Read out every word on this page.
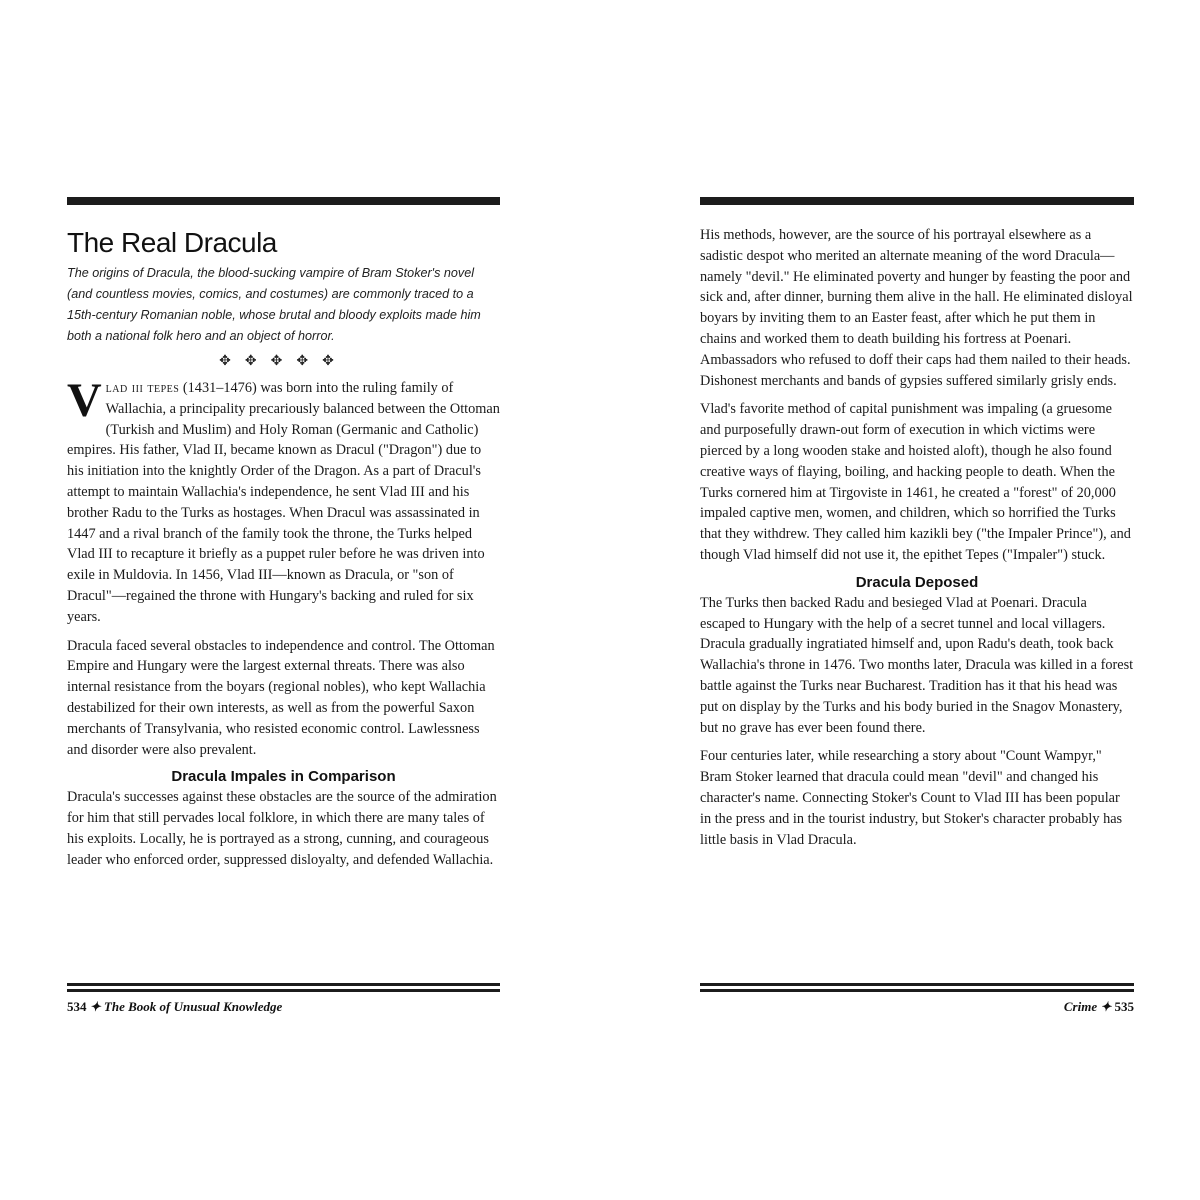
The Real Dracula

The origins of Dracula, the blood-sucking vampire of Bram Stoker's novel (and countless movies, comics, and costumes) are commonly traced to a 15th-century Romanian noble, whose brutal and bloody exploits made him both a national folk hero and an object of horror.

✥✥✥✥✥

Vlad iii tepes (1431–1476) was born into the ruling family of Wallachia, a principality precariously balanced between the Ottoman (Turkish and Muslim) and Holy Roman (Germanic and Catholic) empires. His father, Vlad II, became known as Dracul ("Dragon") due to his initiation into the knightly Order of the Dragon. As a part of Dracul's attempt to maintain Wallachia's independence, he sent Vlad III and his brother Radu to the Turks as hostages. When Dracul was assassinated in 1447 and a rival branch of the family took the throne, the Turks helped Vlad III to recapture it briefly as a puppet ruler before he was driven into exile in Muldovia. In 1456, Vlad III—known as Dracula, or "son of Dracul"—regained the throne with Hungary's backing and ruled for six years.

Dracula faced several obstacles to independence and control. The Ottoman Empire and Hungary were the largest external threats. There was also internal resistance from the boyars (regional nobles), who kept Wallachia destabilized for their own interests, as well as from the powerful Saxon merchants of Transylvania, who resisted economic control. Lawlessness and disorder were also prevalent.

Dracula Impales in Comparison

Dracula's successes against these obstacles are the source of the admiration for him that still pervades local folklore, in which there are many tales of his exploits. Locally, he is portrayed as a strong, cunning, and courageous leader who enforced order, suppressed disloyalty, and defended Wallachia.

534 ✦ The Book of Unusual Knowledge

His methods, however, are the source of his portrayal elsewhere as a sadistic despot who merited an alternate meaning of the word Dracula—namely "devil." He eliminated poverty and hunger by feasting the poor and sick and, after dinner, burning them alive in the hall. He eliminated disloyal boyars by inviting them to an Easter feast, after which he put them in chains and worked them to death building his fortress at Poenari. Ambassadors who refused to doff their caps had them nailed to their heads. Dishonest merchants and bands of gypsies suffered similarly grisly ends.

Vlad's favorite method of capital punishment was impaling (a gruesome and purposefully drawn-out form of execution in which victims were pierced by a long wooden stake and hoisted aloft), though he also found creative ways of flaying, boiling, and hacking people to death. When the Turks cornered him at Tirgoviste in 1461, he created a "forest" of 20,000 impaled captive men, women, and children, which so horrified the Turks that they withdrew. They called him kazikli bey ("the Impaler Prince"), and though Vlad himself did not use it, the epithet Tepes ("Impaler") stuck.

Dracula Deposed

The Turks then backed Radu and besieged Vlad at Poenari. Dracula escaped to Hungary with the help of a secret tunnel and local villagers. Dracula gradually ingratiated himself and, upon Radu's death, took back Wallachia's throne in 1476. Two months later, Dracula was killed in a forest battle against the Turks near Bucharest. Tradition has it that his head was put on display by the Turks and his body buried in the Snagov Monastery, but no grave has ever been found there.

Four centuries later, while researching a story about "Count Wampyr," Bram Stoker learned that dracula could mean "devil" and changed his character's name. Connecting Stoker's Count to Vlad III has been popular in the press and in the tourist industry, but Stoker's character probably has little basis in Vlad Dracula.

Crime ✦ 535
